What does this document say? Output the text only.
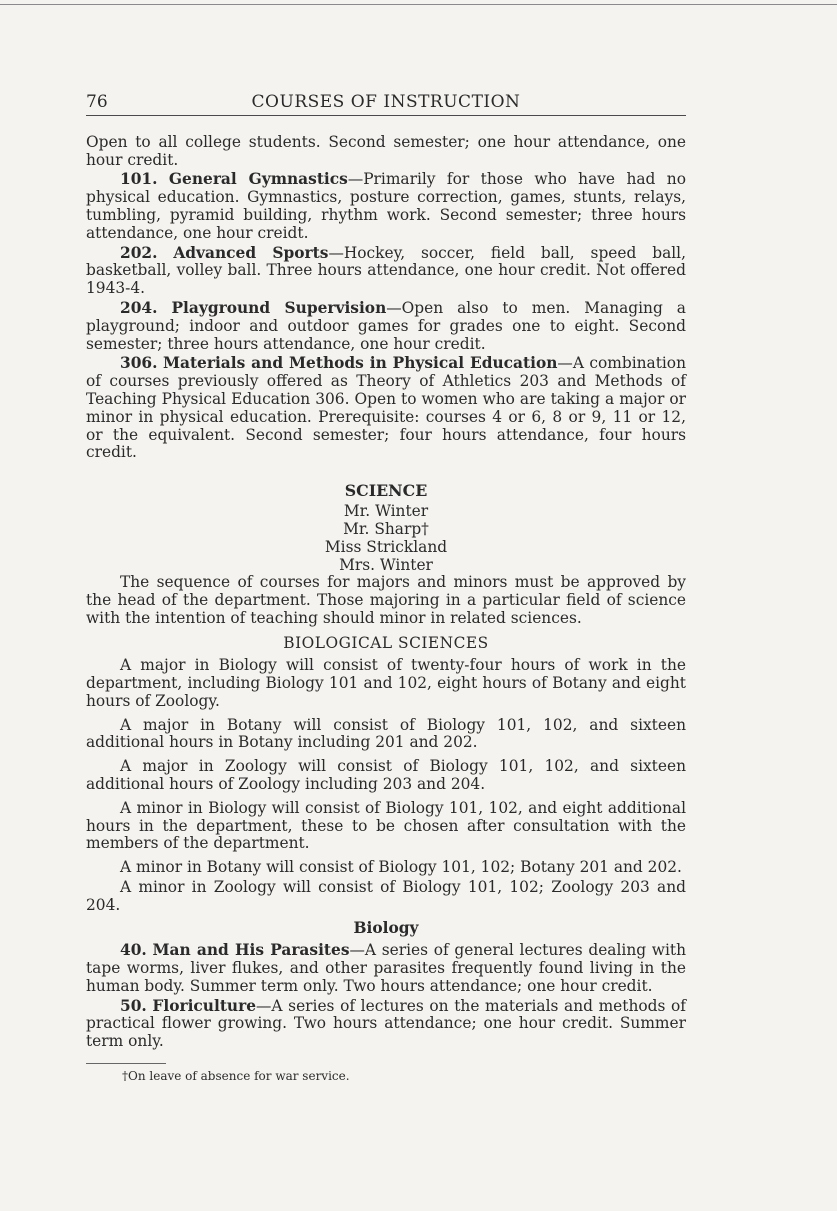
76	COURSES OF INSTRUCTION

Open to all college students. Second semester; one hour attendance, one hour credit.

101. General Gymnastics—Primarily for those who have had no physical education. Gymnastics, posture correction, games, stunts, relays, tumbling, pyramid building, rhythm work. Second semester; three hours attendance, one hour creidt.

202. Advanced Sports—Hockey, soccer, field ball, speed ball, basketball, volley ball. Three hours attendance, one hour credit. Not offered 1943-4.

204. Playground Supervision—Open also to men. Managing a playground; indoor and outdoor games for grades one to eight. Second semester; three hours attendance, one hour credit.

306. Materials and Methods in Physical Education—A combination of courses previously offered as Theory of Athletics 203 and Methods of Teaching Physical Education 306. Open to women who are taking a major or minor in physical education. Prerequisite: courses 4 or 6, 8 or 9, 11 or 12, or the equivalent. Second semester; four hours attendance, four hours credit.

SCIENCE
Mr. Winter
Mr. Sharp†
Miss Strickland
Mrs. Winter

The sequence of courses for majors and minors must be approved by the head of the department. Those majoring in a particular field of science with the intention of teaching should minor in related sciences.

BIOLOGICAL SCIENCES

A major in Biology will consist of twenty-four hours of work in the department, including Biology 101 and 102, eight hours of Botany and eight hours of Zoology.

A major in Botany will consist of Biology 101, 102, and sixteen additional hours in Botany including 201 and 202.

A major in Zoology will consist of Biology 101, 102, and sixteen additional hours of Zoology including 203 and 204.

A minor in Biology will consist of Biology 101, 102, and eight additional hours in the department, these to be chosen after consultation with the members of the department.

A minor in Botany will consist of Biology 101, 102; Botany 201 and 202.

A minor in Zoology will consist of Biology 101, 102; Zoology 203 and 204.

Biology

40. Man and His Parasites—A series of general lectures dealing with tape worms, liver flukes, and other parasites frequently found living in the human body. Summer term only. Two hours attendance; one hour credit.

50. Floriculture—A series of lectures on the materials and methods of practical flower growing. Two hours attendance; one hour credit. Summer term only.

†On leave of absence for war service.
